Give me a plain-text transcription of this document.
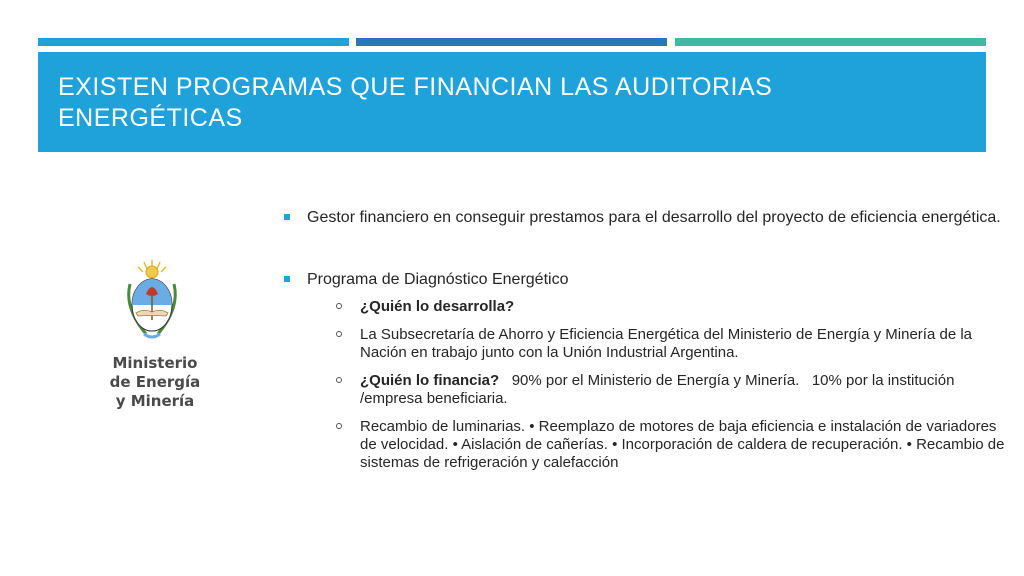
EXISTEN PROGRAMAS QUE FINANCIAN LAS AUDITORIAS ENERGÉTICAS
Ministerio
de Energía
y Minería
Gestor financiero en conseguir prestamos para el desarrollo del proyecto de eficiencia energética.
Programa de Diagnóstico Energético
¿Quién lo desarrolla?
La Subsecretaría de Ahorro y Eficiencia Energética del Ministerio de Energía y Minería de la Nación en trabajo junto con la Unión Industrial Argentina.
¿Quién lo financia?   90% por el Ministerio de Energía y Minería.   10% por la institución /empresa beneficiaria.
Recambio de luminarias. • Reemplazo de motores de baja eficiencia e instalación de variadores de velocidad. • Aislación de cañerías. • Incorporación de caldera de recuperación. • Recambio de sistemas de refrigeración y calefacción
